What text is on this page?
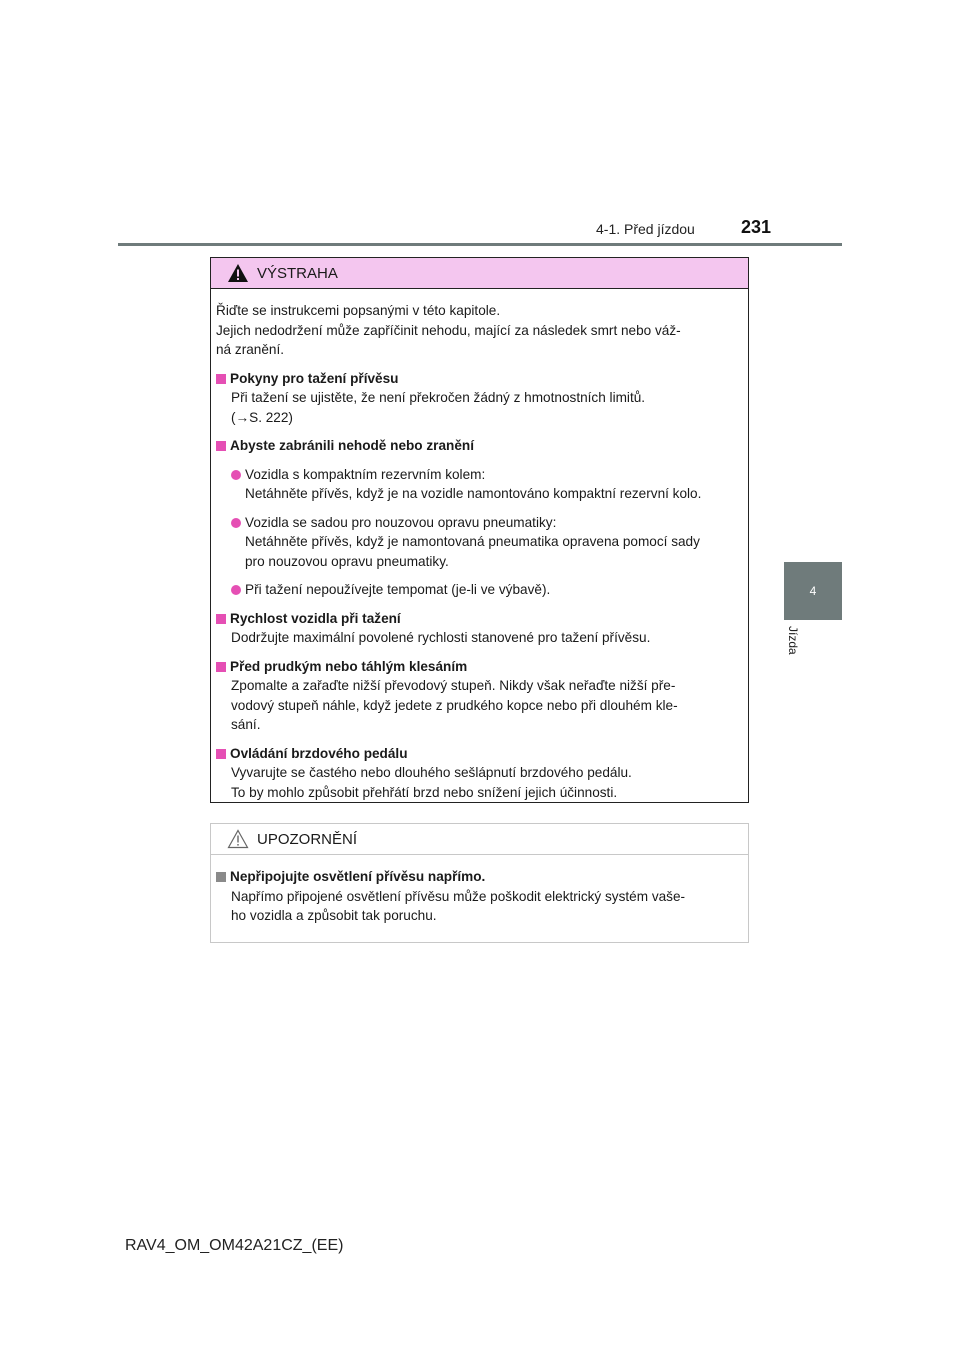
4-1. Před jízdou	231
4
Jízda
VÝSTRAHA
Řiďte se instrukcemi popsanými v této kapitole.
Jejich nedodržení může zapříčinit nehodu, mající za následek smrt nebo váž-
ná zranění.
Pokyny pro tažení přívěsu
Při tažení se ujistěte, že není překročen žádný z hmotnostních limitů.
(→S. 222)
Abyste zabránili nehodě nebo zranění
Vozidla s kompaktním rezervním kolem:
Netáhněte přívěs, když je na vozidle namontováno kompaktní rezervní kolo.
Vozidla se sadou pro nouzovou opravu pneumatiky:
Netáhněte přívěs, když je namontovaná pneumatika opravena pomocí sady
pro nouzovou opravu pneumatiky.
Při tažení nepoužívejte tempomat (je-li ve výbavě).
Rychlost vozidla při tažení
Dodržujte maximální povolené rychlosti stanovené pro tažení přívěsu.
Před prudkým nebo táhlým klesáním
Zpomalte a zařaďte nižší převodový stupeň. Nikdy však neřaďte nižší pře-
vodový stupeň náhle, když jedete z prudkého kopce nebo při dlouhém kle-
sání.
Ovládání brzdového pedálu
Vyvarujte se častého nebo dlouhého sešlápnutí brzdového pedálu.
To by mohlo způsobit přehřátí brzd nebo snížení jejich účinnosti.
UPOZORNĚNÍ
Nepřipojujte osvětlení přívěsu napřímo.
Napřímo připojené osvětlení přívěsu může poškodit elektrický systém vaše-
ho vozidla a způsobit tak poruchu.
RAV4_OM_OM42A21CZ_(EE)
